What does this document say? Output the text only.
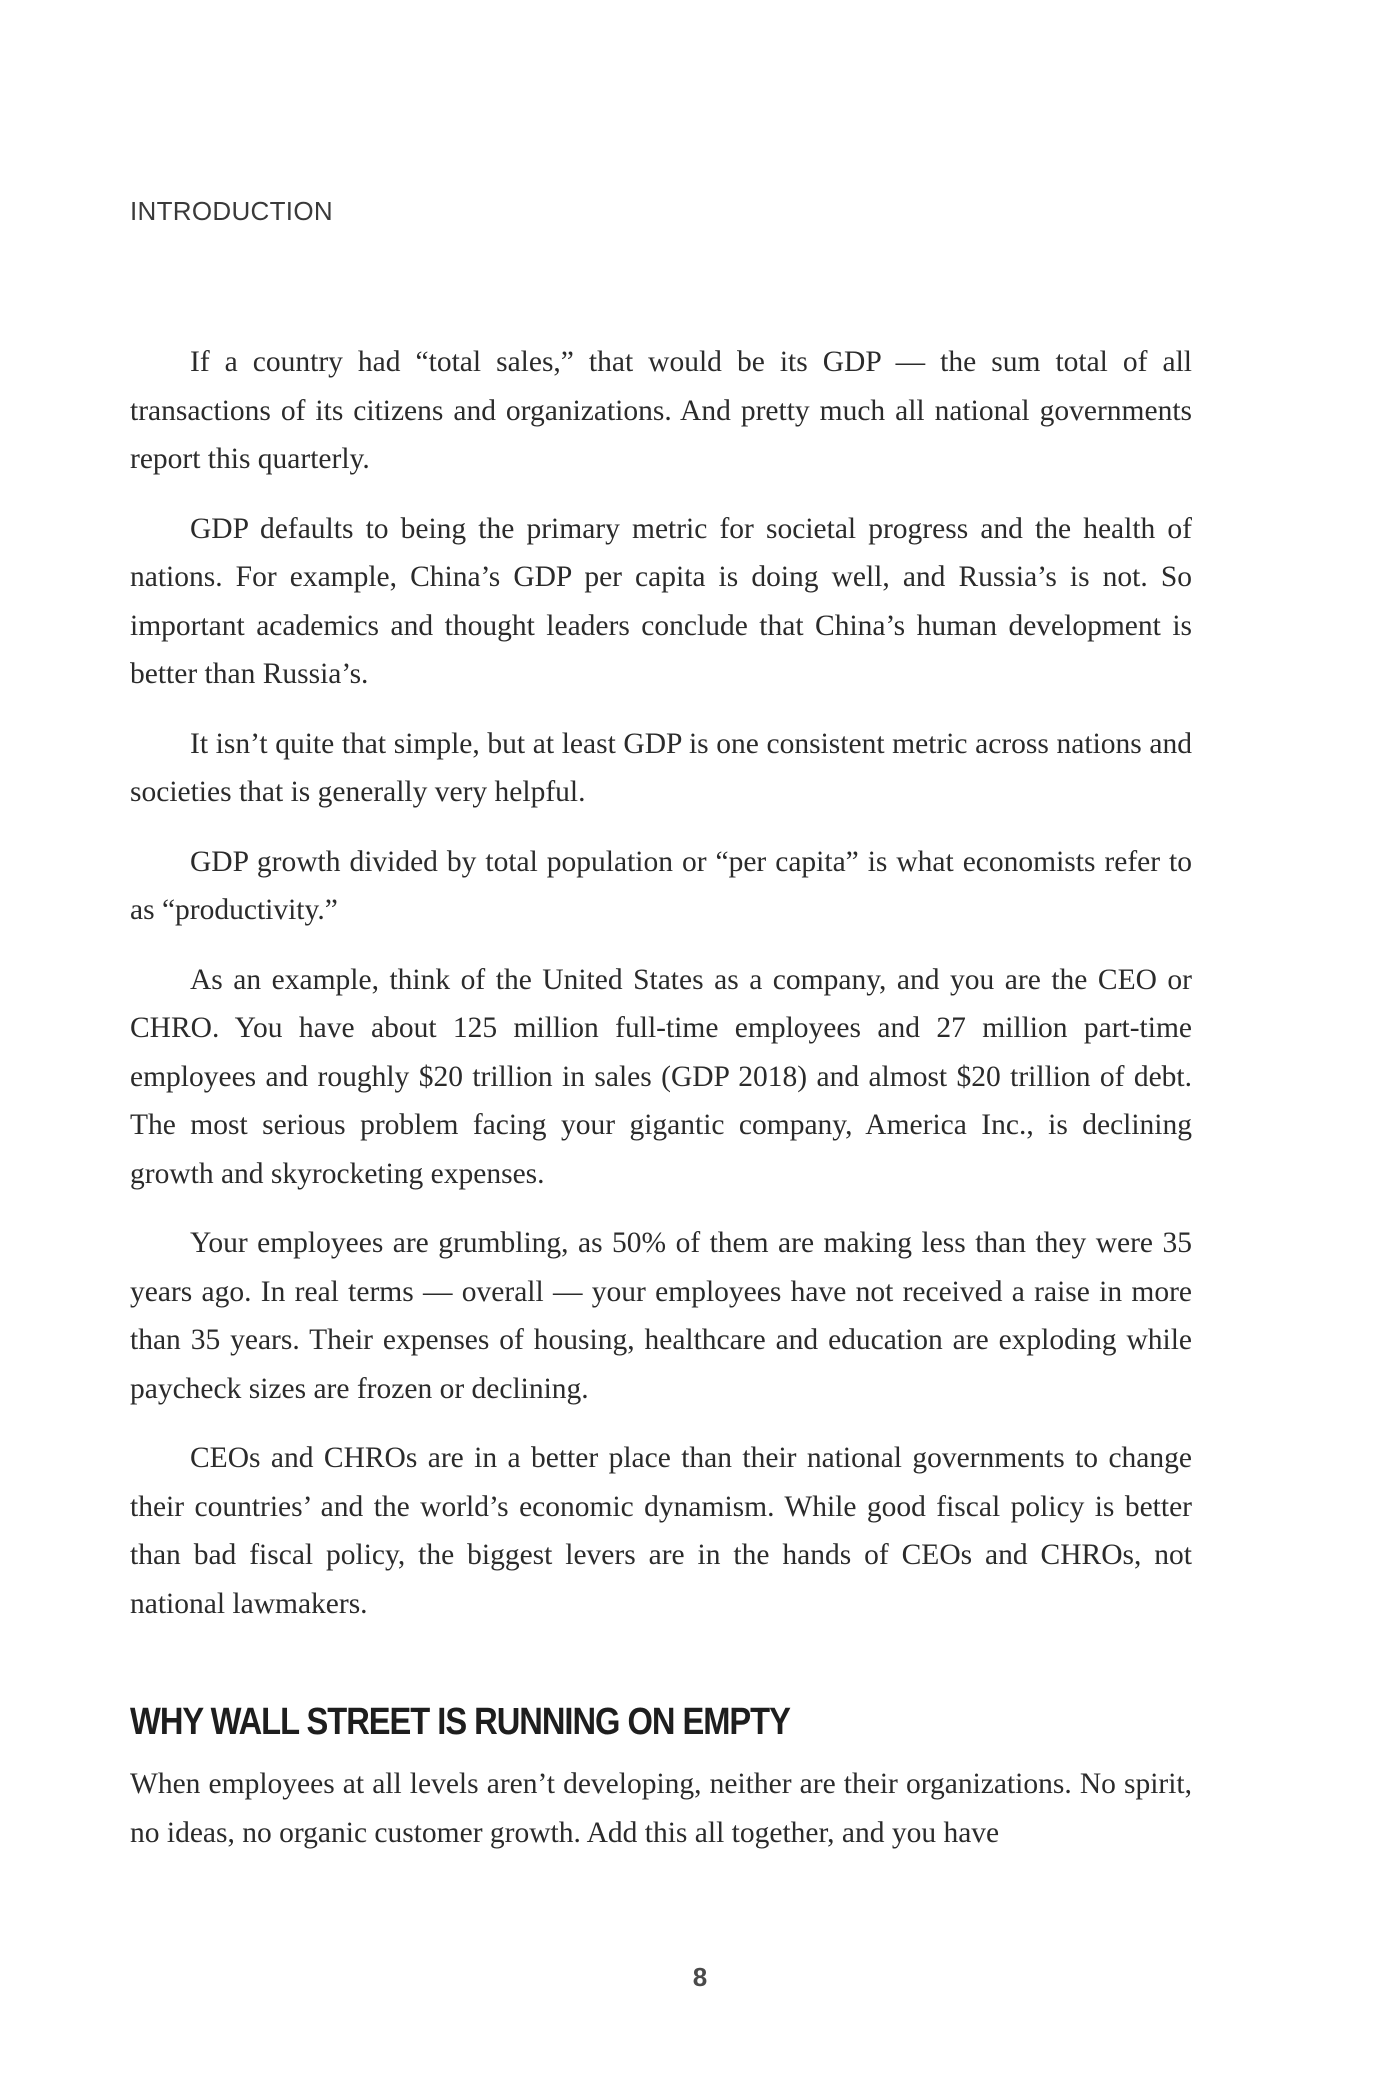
INTRODUCTION

If a country had “total sales,” that would be its GDP — the sum total of all transactions of its citizens and organizations. And pretty much all national governments report this quarterly.

GDP defaults to being the primary metric for societal progress and the health of nations. For example, China’s GDP per capita is doing well, and Russia’s is not. So important academics and thought leaders conclude that China’s human development is better than Russia’s.

It isn’t quite that simple, but at least GDP is one consistent metric across nations and societies that is generally very helpful.

GDP growth divided by total population or “per capita” is what economists refer to as “productivity.”

As an example, think of the United States as a company, and you are the CEO or CHRO. You have about 125 million full-time employees and 27 million part-time employees and roughly $20 trillion in sales (GDP 2018) and almost $20 trillion of debt. The most serious problem facing your gigantic company, America Inc., is declining growth and skyrocketing expenses.

Your employees are grumbling, as 50% of them are making less than they were 35 years ago. In real terms — overall — your employees have not received a raise in more than 35 years. Their expenses of housing, healthcare and education are exploding while paycheck sizes are frozen or declining.

CEOs and CHROs are in a better place than their national governments to change their countries’ and the world’s economic dynamism. While good fiscal policy is better than bad fiscal policy, the biggest levers are in the hands of CEOs and CHROs, not national lawmakers.

WHY WALL STREET IS RUNNING ON EMPTY

When employees at all levels aren’t developing, neither are their organizations. No spirit, no ideas, no organic customer growth. Add this all together, and you have

8
